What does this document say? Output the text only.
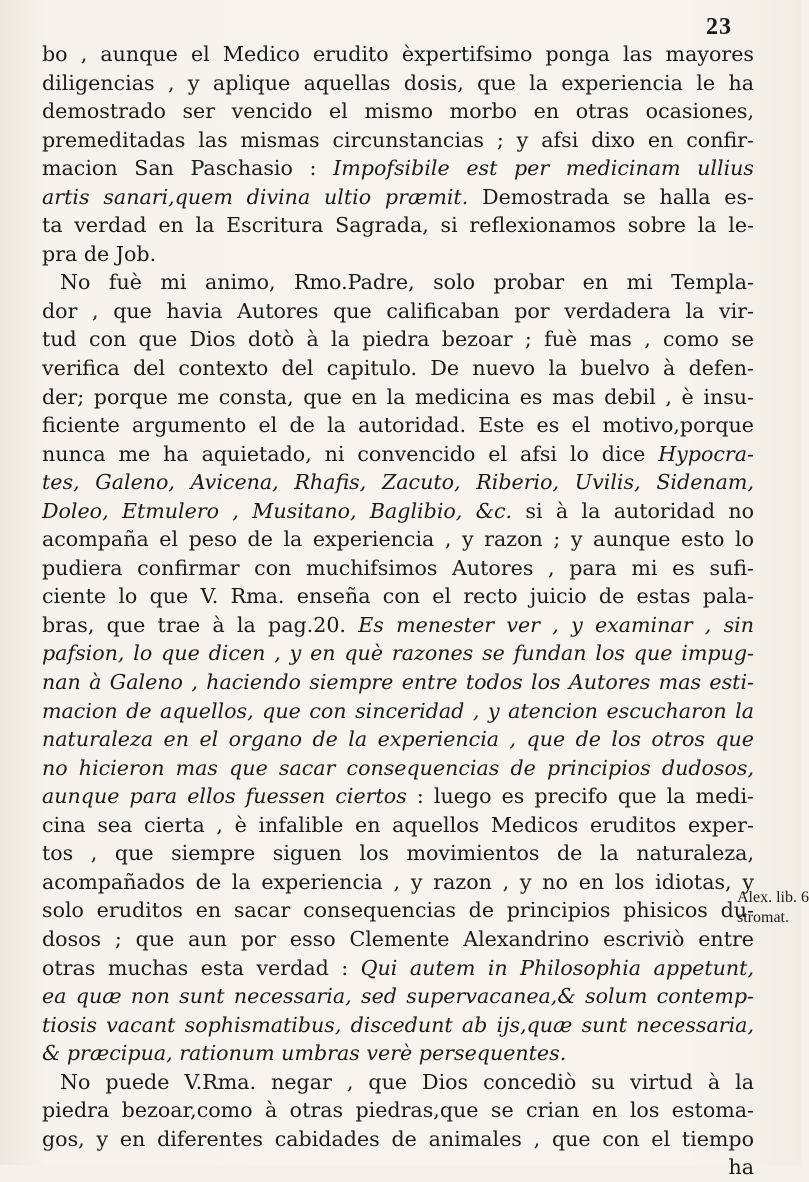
23
bo , aunque el Medico erudito èxpertifsimo ponga las mayores
diligencias , y aplique aquellas dosis, que la experiencia le ha
demostrado ser vencido el mismo morbo en otras ocasiones,
premeditadas las mismas circunstancias ; y afsi dixo en confir-
macion San Paschasio : Impofsibile est per medicinam ullius
artis sanari,quem divina ultio præmit. Demostrada se halla es-
ta verdad en la Escritura Sagrada, si reflexionamos sobre la le-
pra de Job.
No fuè mi animo, Rmo.Padre, solo probar en mi Templa-
dor , que havia Autores que calificaban por verdadera la vir-
tud con que Dios dotò à la piedra bezoar ; fuè mas , como se
verifica del contexto del capitulo. De nuevo la buelvo à defen-
der; porque me consta, que en la medicina es mas debil , è insu-
ficiente argumento el de la autoridad. Este es el motivo,porque
nunca me ha aquietado, ni convencido el afsi lo dice Hypocra-
tes, Galeno, Avicena, Rhafis, Zacuto, Riberio, Uvilis, Sidenam,
Doleo, Etmulero , Musitano, Baglibio, &c. si à la autoridad no
acompaña el peso de la experiencia , y razon ; y aunque esto lo
pudiera confirmar con muchifsimos Autores , para mi es sufi-
ciente lo que V. Rma. enseña con el recto juicio de estas pala-
bras, que trae à la pag.20. Es menester ver , y examinar , sin
pafsion, lo que dicen , y en què razones se fundan los que impug-
nan à Galeno , haciendo siempre entre todos los Autores mas esti-
macion de aquellos, que con sinceridad , y atencion escucharon la
naturaleza en el organo de la experiencia , que de los otros que
no hicieron mas que sacar consequencias de principios dudosos,
aunque para ellos fuessen ciertos : luego es precifo que la medi-
cina sea cierta , è infalible en aquellos Medicos eruditos exper-
tos , que siempre siguen los movimientos de la naturaleza,
acompañados de la experiencia , y razon , y no en los idiotas, y
solo eruditos en sacar consequencias de principios phisicos du-
dosos ; que aun por esso Clemente Alexandrino escriviò entre
otras muchas esta verdad : Qui autem in Philosophia appetunt,
ea quæ non sunt necessaria, sed supervacanea,& solum contemp-
tiosis vacant sophismatibus, discedunt ab ijs,quæ sunt necessaria,
& præcipua, rationum umbras verè persequentes.
No puede V.Rma. negar , que Dios concediò su virtud à la
piedra bezoar,como à otras piedras,que se crian en los estoma-
gos, y en diferentes cabidades de animales , que con el tiempo
ha
Alex. lib. 6
stromat.
